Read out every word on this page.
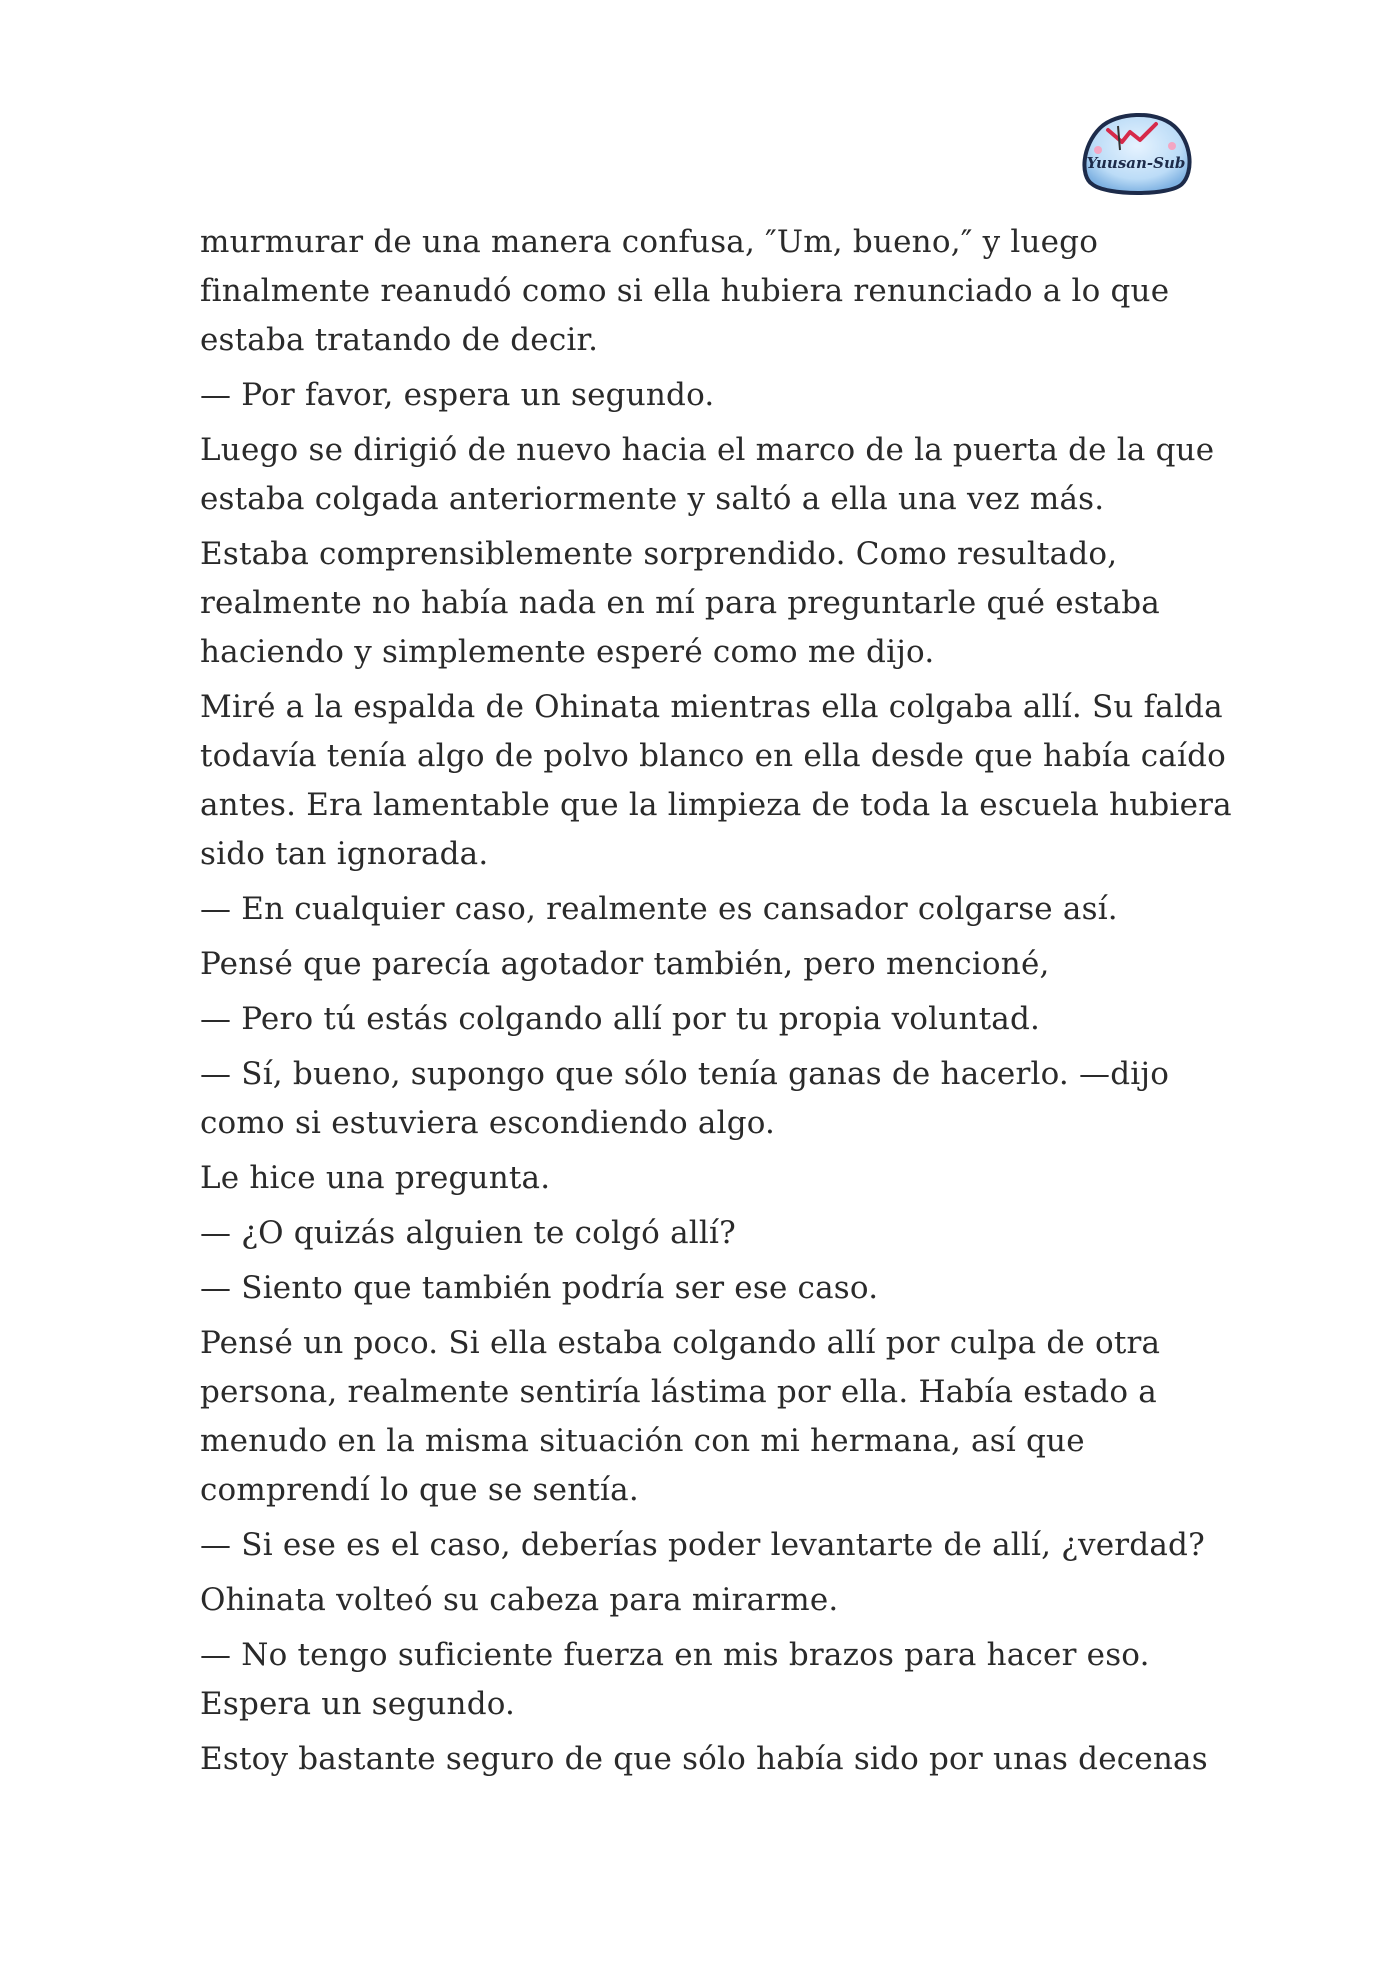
Yuusan-Sub

murmurar de una manera confusa, ″Um, bueno,″ y luego
finalmente reanudó como si ella hubiera renunciado a lo que
estaba tratando de decir.

— Por favor, espera un segundo.

Luego se dirigió de nuevo hacia el marco de la puerta de la que
estaba colgada anteriormente y saltó a ella una vez más.

Estaba comprensiblemente sorprendido. Como resultado,
realmente no había nada en mí para preguntarle qué estaba
haciendo y simplemente esperé como me dijo.

Miré a la espalda de Ohinata mientras ella colgaba allí. Su falda
todavía tenía algo de polvo blanco en ella desde que había caído
antes. Era lamentable que la limpieza de toda la escuela hubiera
sido tan ignorada.

— En cualquier caso, realmente es cansador colgarse así.

Pensé que parecía agotador también, pero mencioné,

— Pero tú estás colgando allí por tu propia voluntad.

— Sí, bueno, supongo que sólo tenía ganas de hacerlo. —dijo
como si estuviera escondiendo algo.

Le hice una pregunta.

— ¿O quizás alguien te colgó allí?

— Siento que también podría ser ese caso.

Pensé un poco. Si ella estaba colgando allí por culpa de otra
persona, realmente sentiría lástima por ella. Había estado a
menudo en la misma situación con mi hermana, así que
comprendí lo que se sentía.

— Si ese es el caso, deberías poder levantarte de allí, ¿verdad?

Ohinata volteó su cabeza para mirarme.

— No tengo suficiente fuerza en mis brazos para hacer eso.
Espera un segundo.

Estoy bastante seguro de que sólo había sido por unas decenas
